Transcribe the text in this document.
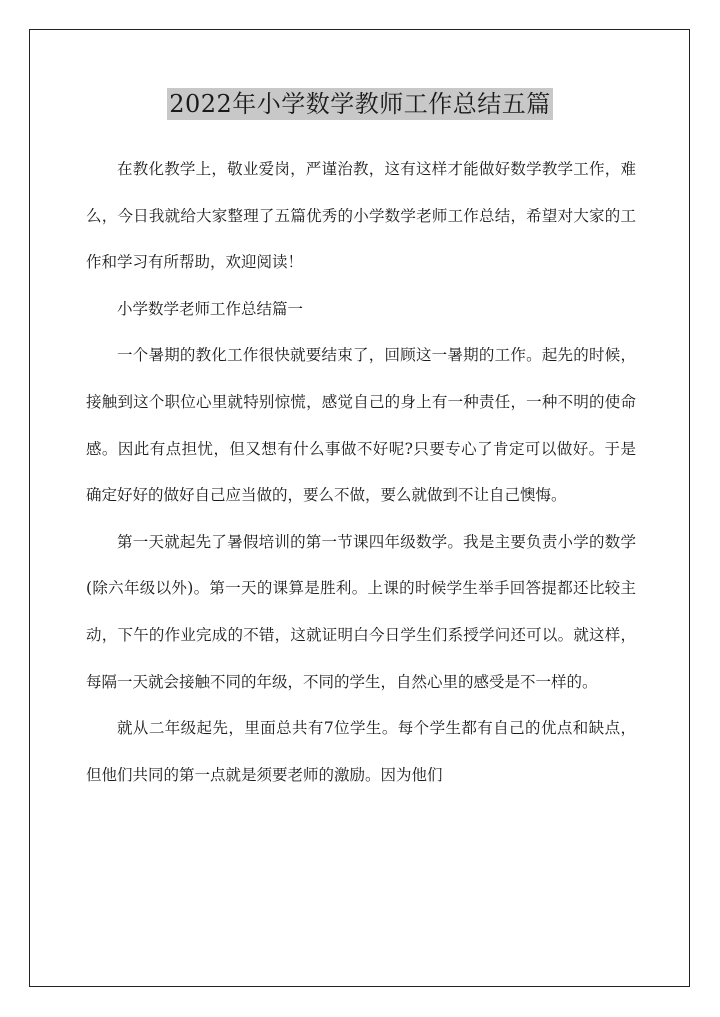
2022年小学数学教师工作总结五篇

在教化教学上，敬业爱岗，严谨治教，这有这样才能做好数学教学工作，难么，今日我就给大家整理了五篇优秀的小学数学老师工作总结，希望对大家的工作和学习有所帮助，欢迎阅读！

小学数学老师工作总结篇一

一个暑期的教化工作很快就要结束了，回顾这一暑期的工作。起先的时候，接触到这个职位心里就特别惊慌，感觉自己的身上有一种责任，一种不明的使命感。因此有点担忧，但又想有什么事做不好呢?只要专心了肯定可以做好。于是确定好好的做好自己应当做的，要么不做，要么就做到不让自己懊悔。

第一天就起先了暑假培训的第一节课四年级数学。我是主要负责小学的数学(除六年级以外)。第一天的课算是胜利。上课的时候学生举手回答提都还比较主动，下午的作业完成的不错，这就证明白今日学生们系授学问还可以。就这样，每隔一天就会接触不同的年级，不同的学生，自然心里的感受是不一样的。

就从二年级起先，里面总共有7位学生。每个学生都有自己的优点和缺点，但他们共同的第一点就是须要老师的激励。因为他们
